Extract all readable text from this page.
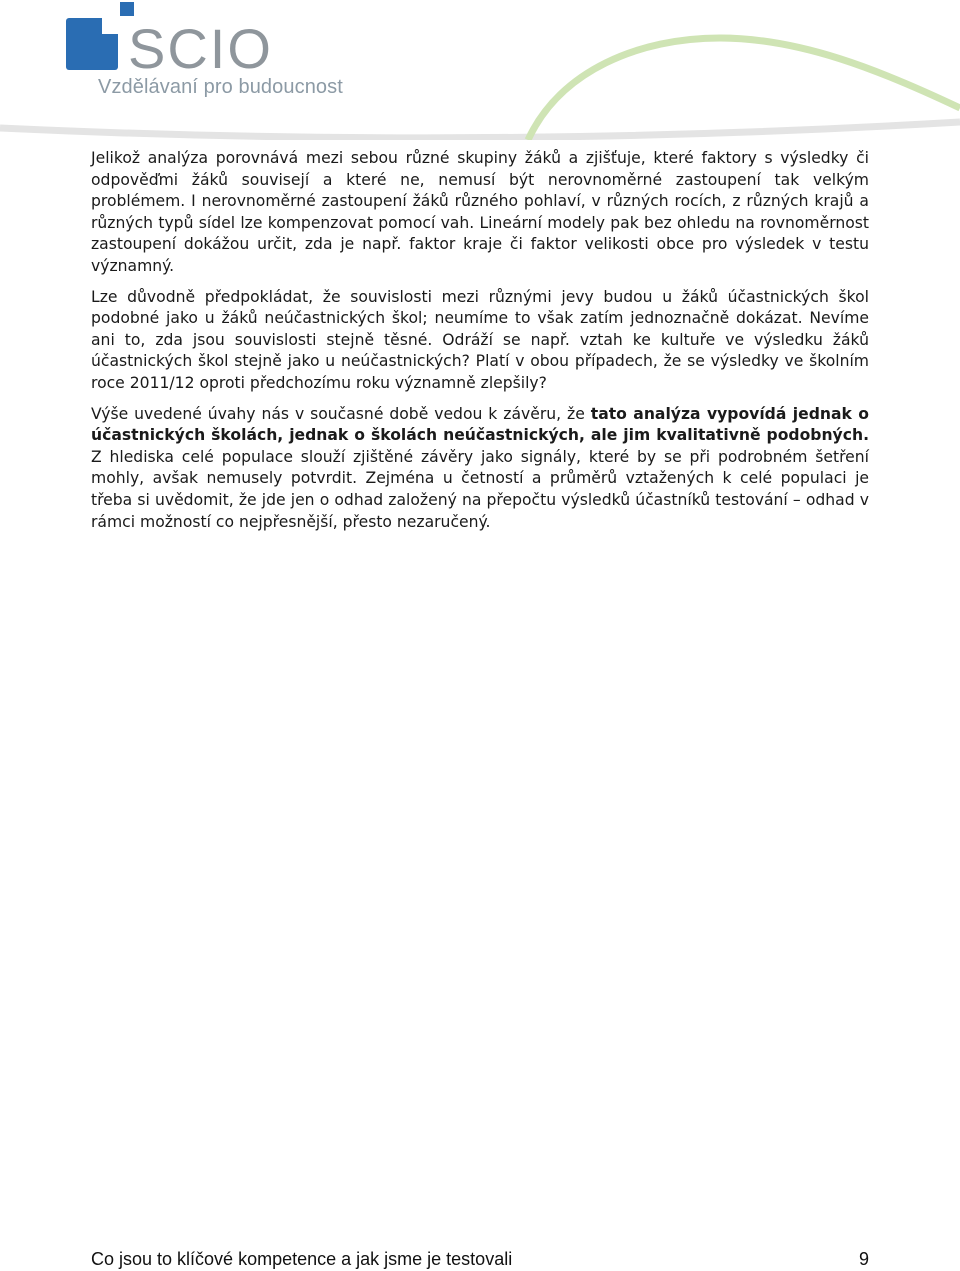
SCIO
Vzdělávaní pro budoucnost

Jelikož analýza porovnává mezi sebou různé skupiny žáků a zjišťuje, které faktory s výsledky či odpověďmi žáků souvisejí a které ne, nemusí být nerovnoměrné zastoupení tak velkým problémem. I nerovnoměrné zastoupení žáků různého pohlaví, v různých rocích, z různých krajů a různých typů sídel lze kompenzovat pomocí vah. Lineární modely pak bez ohledu na rovnoměrnost zastoupení dokážou určit, zda je např. faktor kraje či faktor velikosti obce pro výsledek v testu významný.

Lze důvodně předpokládat, že souvislosti mezi různými jevy budou u žáků účastnických škol podobné jako u žáků neúčastnických škol; neumíme to však zatím jednoznačně dokázat. Nevíme ani to, zda jsou souvislosti stejně těsné. Odráží se např. vztah ke kultuře ve výsledku žáků účastnických škol stejně jako u neúčastnických? Platí v obou případech, že se výsledky ve školním roce 2011/12 oproti předchozímu roku významně zlepšily?

Výše uvedené úvahy nás v současné době vedou k závěru, že tato analýza vypovídá jednak o účastnických školách, jednak o školách neúčastnických, ale jim kvalitativně podobných. Z hlediska celé populace slouží zjištěné závěry jako signály, které by se při podrobném šetření mohly, avšak nemusely potvrdit. Zejména u četností a průměrů vztažených k celé populaci je třeba si uvědomit, že jde jen o odhad založený na přepočtu výsledků účastníků testování – odhad v rámci možností co nejpřesnější, přesto nezaručený.

Co jsou to klíčové kompetence a jak jsme je testovali	9
